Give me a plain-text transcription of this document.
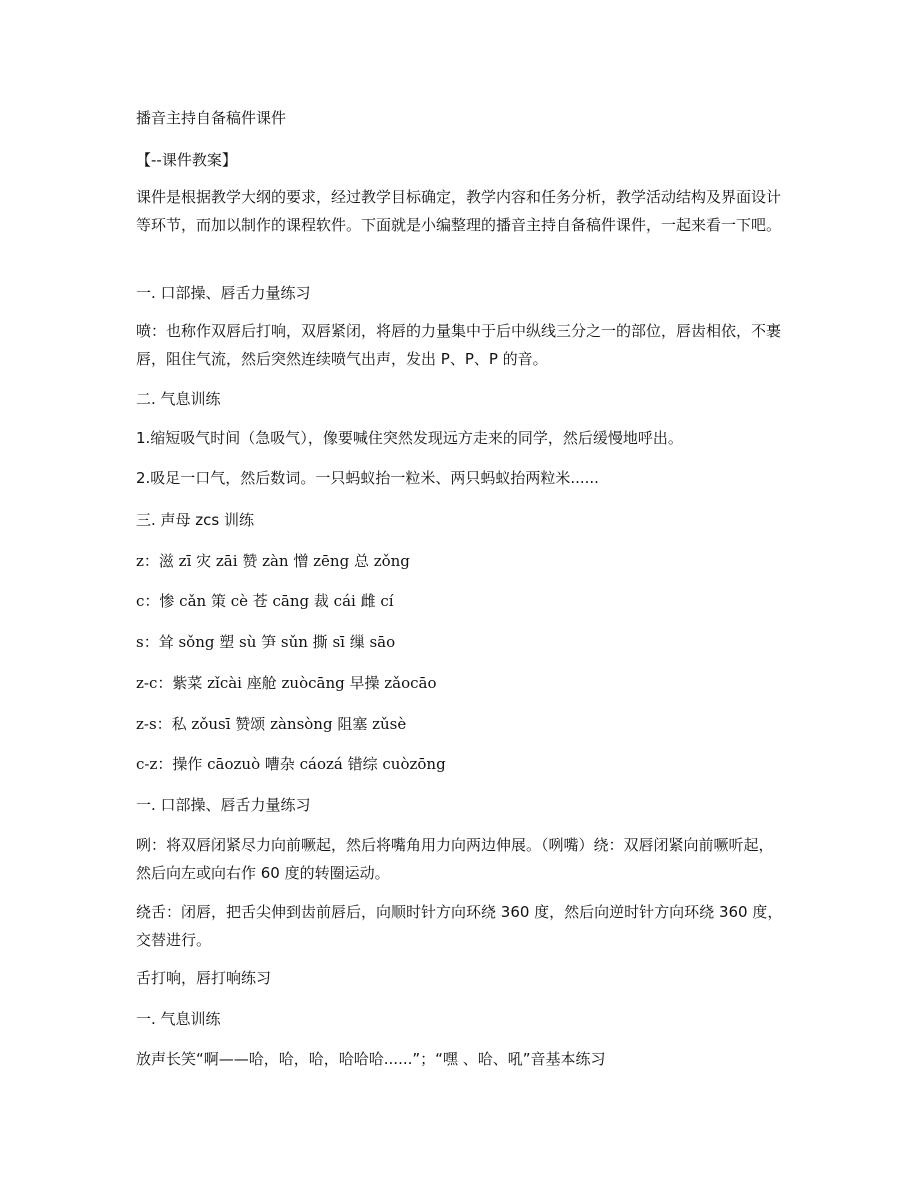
播音主持自备稿件课件
【--课件教案】
课件是根据教学大纲的要求，经过教学目标确定，教学内容和任务分析，教学活动结构及界面设计等环节，而加以制作的课程软件。下面就是小编整理的播音主持自备稿件课件，一起来看一下吧。
一. 口部操、唇舌力量练习
喷：也称作双唇后打响，双唇紧闭，将唇的力量集中于后中纵线三分之一的部位，唇齿相依，不裹唇，阻住气流，然后突然连续喷气出声，发出 P、P、P 的音。
二. 气息训练
1.缩短吸气时间（急吸气），像要喊住突然发现远方走来的同学，然后缓慢地呼出。
2.吸足一口气，然后数词。一只蚂蚁抬一粒米、两只蚂蚁抬两粒米......
三. 声母 zcs 训练
z：滋 zī 灾 zāi 赞 zàn 憎 zēng 总 zǒng
c：惨 cǎn 策 cè 苍 cāng 裁 cái 雌 cí
s：耸 sǒng 塑 sù 笋 sǔn 撕 sī 缫 sāo
z-c：紫菜 zǐcài 座舱 zuòcāng 早操 zǎocāo
z-s：私 zǒusī 赞颂 zànsòng 阻塞 zǔsè
c-z：操作 cāozuò 嘈杂 cáozá 错综 cuòzōng
一. 口部操、唇舌力量练习
咧：将双唇闭紧尽力向前噘起，然后将嘴角用力向两边伸展。（咧嘴）绕：双唇闭紧向前噘听起，然后向左或向右作 60 度的转圈运动。
绕舌：闭唇，把舌尖伸到齿前唇后，向顺时针方向环绕 360 度，然后向逆时针方向环绕 360 度，交替进行。
舌打响，唇打响练习
一. 气息训练
放声长笑“啊——哈，哈，哈，哈哈哈......”；“嘿 、哈、吼”音基本练习
